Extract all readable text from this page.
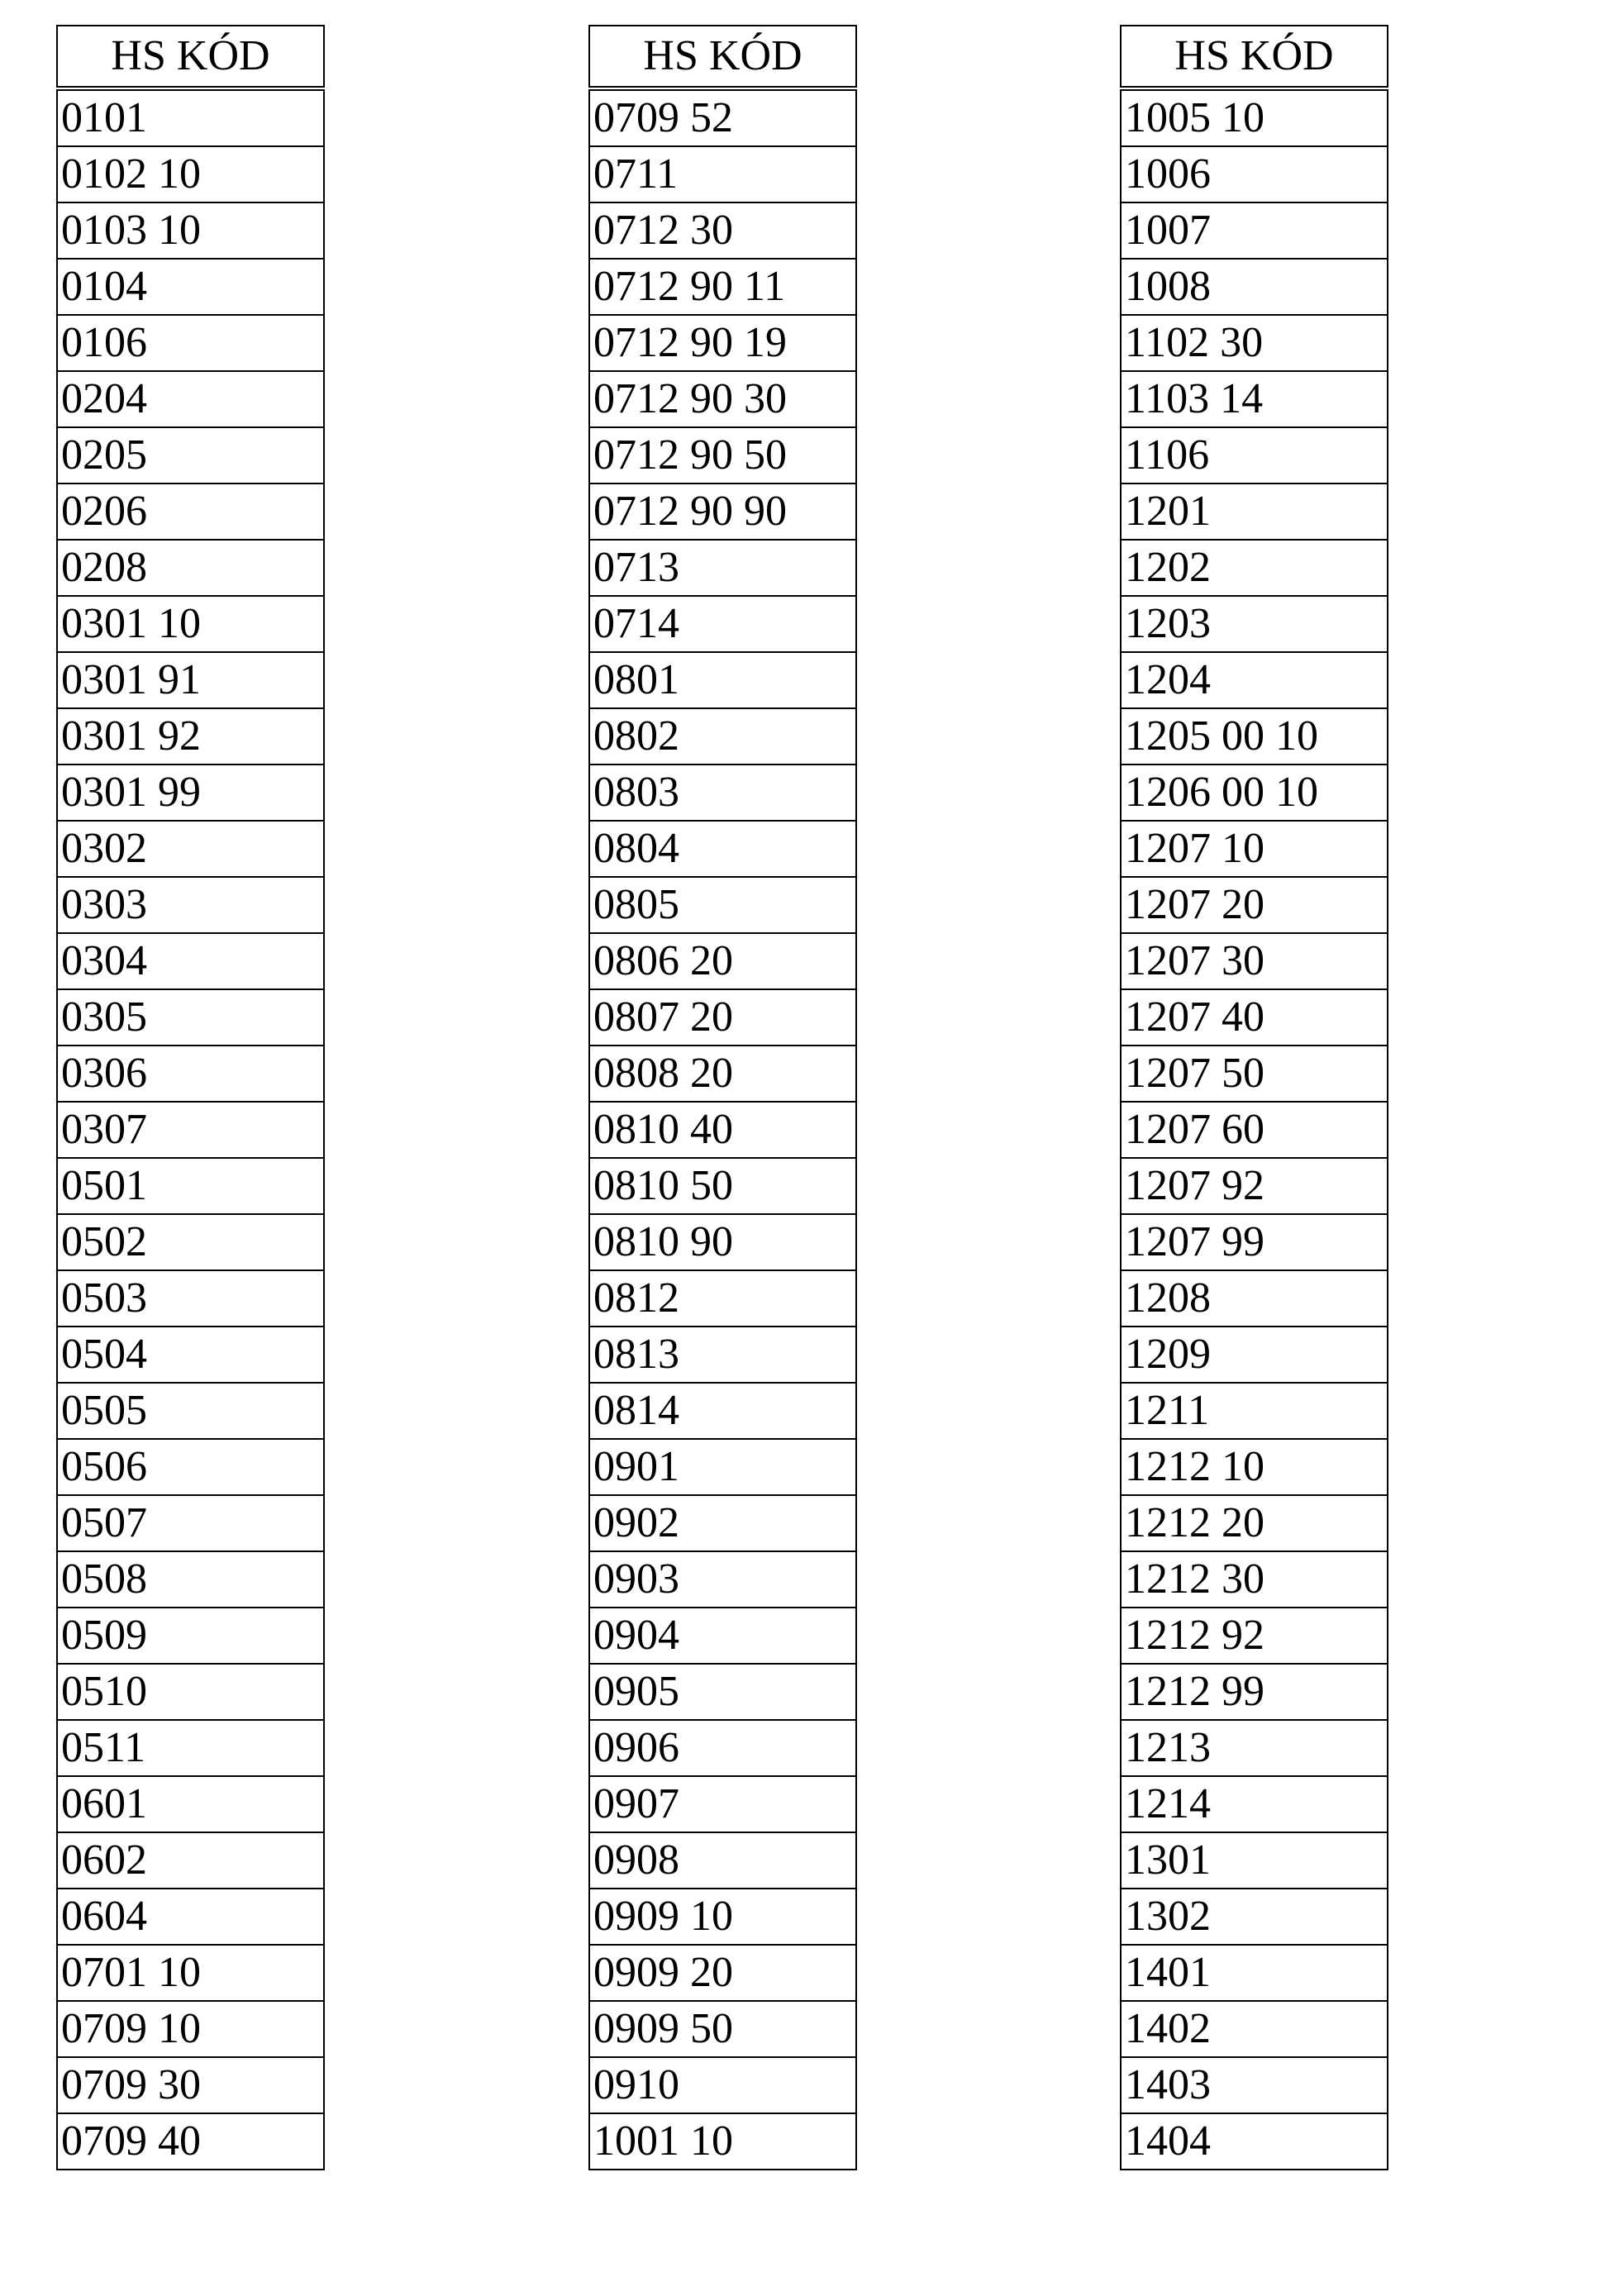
HS KÓD
0101
0102 10
0103 10
0104
0106
0204
0205
0206
0208
0301 10
0301 91
0301 92
0301 99
0302
0303
0304
0305
0306
0307
0501
0502
0503
0504
0505
0506
0507
0508
0509
0510
0511
0601
0602
0604
0701 10
0709 10
0709 30
0709 40
HS KÓD
0709 52
0711
0712 30
0712 90 11
0712 90 19
0712 90 30
0712 90 50
0712 90 90
0713
0714
0801
0802
0803
0804
0805
0806 20
0807 20
0808 20
0810 40
0810 50
0810 90
0812
0813
0814
0901
0902
0903
0904
0905
0906
0907
0908
0909 10
0909 20
0909 50
0910
1001 10
HS KÓD
1005 10
1006
1007
1008
1102 30
1103 14
1106
1201
1202
1203
1204
1205 00 10
1206 00 10
1207 10
1207 20
1207 30
1207 40
1207 50
1207 60
1207 92
1207 99
1208
1209
1211
1212 10
1212 20
1212 30
1212 92
1212 99
1213
1214
1301
1302
1401
1402
1403
1404
